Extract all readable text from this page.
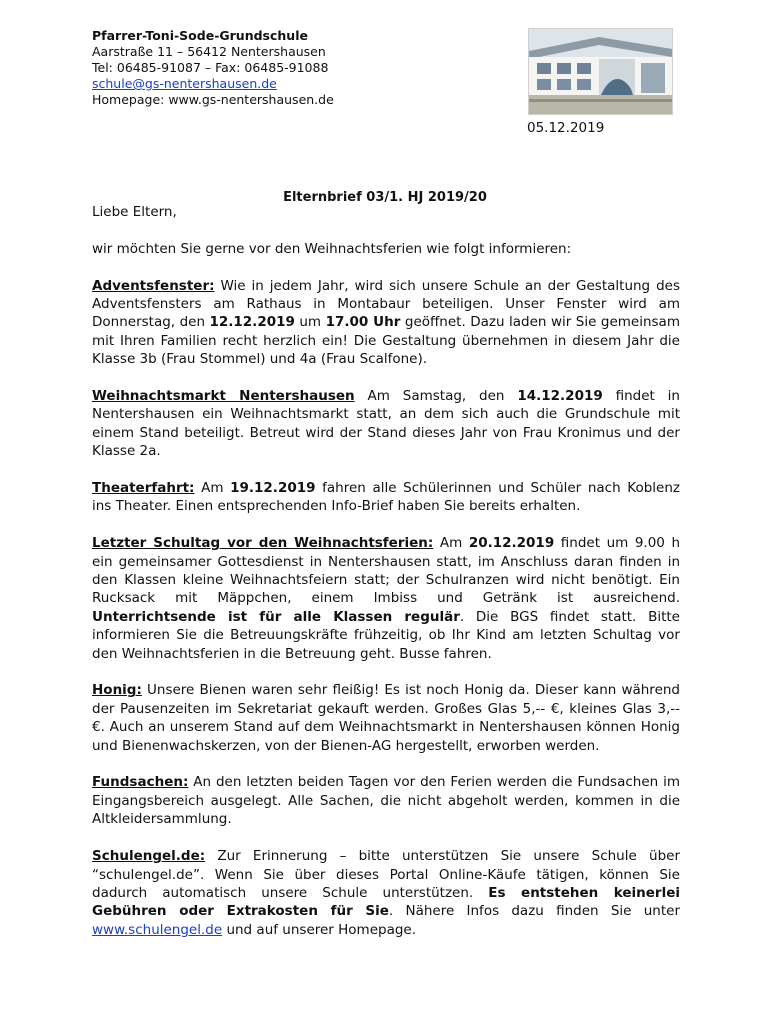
Pfarrer-Toni-Sode-Grundschule
Aarstraße 11 – 56412 Nentershausen
Tel: 06485-91087 – Fax: 06485-91088
schule@gs-nentershausen.de
Homepage: www.gs-nentershausen.de
05.12.2019
Elternbrief 03/1. HJ 2019/20

Liebe Eltern,

wir möchten Sie gerne vor den Weihnachtsferien wie folgt informieren:

Adventsfenster: Wie in jedem Jahr, wird sich unsere Schule an der Gestaltung des Adventsfensters am Rathaus in Montabaur beteiligen. Unser Fenster wird am Donnerstag, den 12.12.2019 um 17.00 Uhr geöffnet. Dazu laden wir Sie gemeinsam mit Ihren Familien recht herzlich ein! Die Gestaltung übernehmen in diesem Jahr die Klasse 3b (Frau Stommel) und 4a (Frau Scalfone).

Weihnachtsmarkt Nentershausen Am Samstag, den 14.12.2019 findet in Nentershausen ein Weihnachtsmarkt statt, an dem sich auch die Grundschule mit einem Stand beteiligt. Betreut wird der Stand dieses Jahr von Frau Kronimus und der Klasse 2a.

Theaterfahrt: Am 19.12.2019 fahren alle Schülerinnen und Schüler nach Koblenz ins Theater. Einen entsprechenden Info-Brief haben Sie bereits erhalten.

Letzter Schultag vor den Weihnachtsferien: Am 20.12.2019 findet um 9.00 h ein gemeinsamer Gottesdienst in Nentershausen statt, im Anschluss daran finden in den Klassen kleine Weihnachtsfeiern statt; der Schulranzen wird nicht benötigt. Ein Rucksack mit Mäppchen, einem Imbiss und Getränk ist ausreichend. Unterrichtsende ist für alle Klassen regulär. Die BGS findet statt. Bitte informieren Sie die Betreuungskräfte frühzeitig, ob Ihr Kind am letzten Schultag vor den Weihnachtsferien in die Betreuung geht. Busse fahren.

Honig: Unsere Bienen waren sehr fleißig! Es ist noch Honig da. Dieser kann während der Pausenzeiten im Sekretariat gekauft werden. Großes Glas 5,-- €, kleines Glas 3,-- €. Auch an unserem Stand auf dem Weihnachtsmarkt in Nentershausen können Honig und Bienenwachskerzen, von der Bienen-AG hergestellt, erworben werden.

Fundsachen: An den letzten beiden Tagen vor den Ferien werden die Fundsachen im Eingangsbereich ausgelegt. Alle Sachen, die nicht abgeholt werden, kommen in die Altkleidersammlung.

Schulengel.de: Zur Erinnerung – bitte unterstützen Sie unsere Schule über “schulengel.de”. Wenn Sie über dieses Portal Online-Käufe tätigen, können Sie dadurch automatisch unsere Schule unterstützen. Es entstehen keinerlei Gebühren oder Extrakosten für Sie. Nähere Infos dazu finden Sie unter www.schulengel.de und auf unserer Homepage.
